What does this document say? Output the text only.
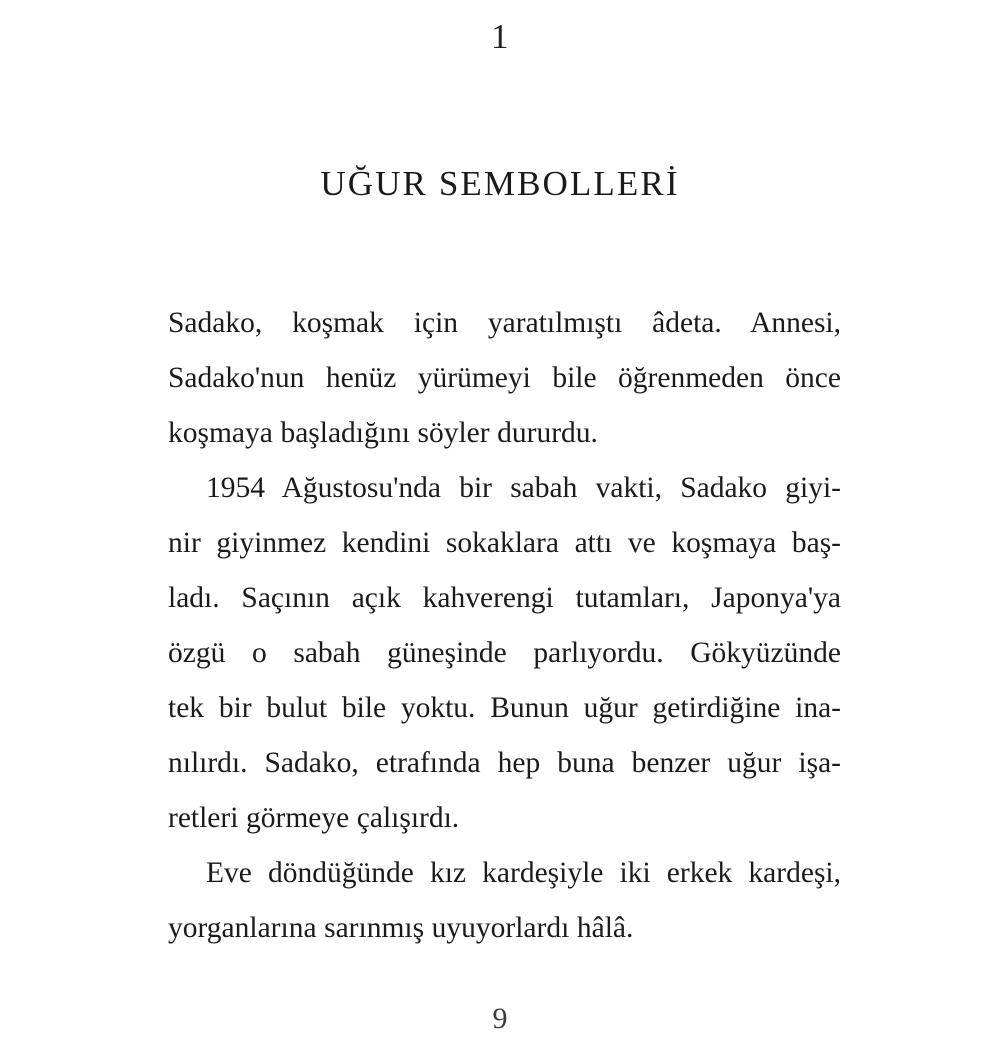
1
UĞUR SEMBOLLERİ

Sadako, koşmak için yaratılmıştı âdeta. Annesi,
Sadako'nun henüz yürümeyi bile öğrenmeden önce
koşmaya başladığını söyler dururdu.

1954 Ağustosu'nda bir sabah vakti, Sadako giyi-
nir giyinmez kendini sokaklara attı ve koşmaya baş-
ladı. Saçının açık kahverengi tutamları, Japonya'ya
özgü o sabah güneşinde parlıyordu. Gökyüzünde
tek bir bulut bile yoktu. Bunun uğur getirdiğine ina-
nılırdı. Sadako, etrafında hep buna benzer uğur işa-
retleri görmeye çalışırdı.

Eve döndüğünde kız kardeşiyle iki erkek kardeşi,
yorganlarına sarınmış uyuyorlardı hâlâ.

9
